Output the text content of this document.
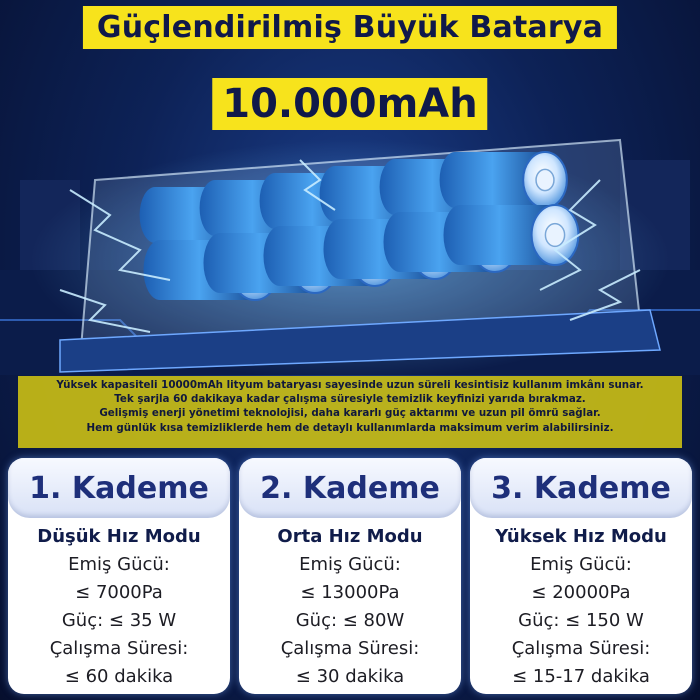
Güçlendirilmiş Büyük Batarya
10.000mAh
Yüksek kapasiteli 10000mAh lityum bataryası sayesinde uzun süreli kesintisiz kullanım imkânı sunar.
Tek şarjla 60 dakikaya kadar çalışma süresiyle temizlik keyfinizi yarıda bırakmaz.
Gelişmiş enerji yönetimi teknolojisi, daha kararlı güç aktarımı ve uzun pil ömrü sağlar.
Hem günlük kısa temizliklerde hem de detaylı kullanımlarda maksimum verim alabilirsiniz.
1. Kademe
Düşük Hız Modu
Emiş Gücü:
≤ 7000Pa
Güç: ≤ 35 W
Çalışma Süresi:
≤ 60 dakika
2. Kademe
Orta Hız Modu
Emiş Gücü:
≤ 13000Pa
Güç: ≤ 80W
Çalışma Süresi:
≤ 30 dakika
3. Kademe
Yüksek Hız Modu
Emiş Gücü:
≤ 20000Pa
Güç: ≤ 150 W
Çalışma Süresi:
≤ 15-17 dakika
